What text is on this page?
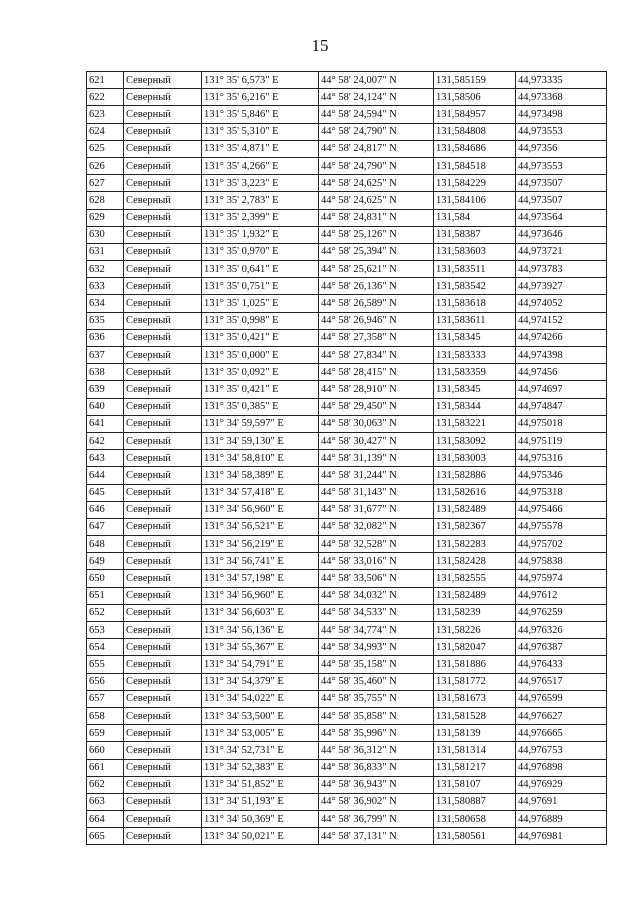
15
621	Северный	131° 35' 6,573" E	44° 58' 24,007" N	131,585159	44,973335
622	Северный	131° 35' 6,216" E	44° 58' 24,124" N	131,58506	44,973368
623	Северный	131° 35' 5,846" E	44° 58' 24,594" N	131,584957	44,973498
624	Северный	131° 35' 5,310" E	44° 58' 24,790" N	131,584808	44,973553
625	Северный	131° 35' 4,871" E	44° 58' 24,817" N	131,584686	44,97356
626	Северный	131° 35' 4,266" E	44° 58' 24,790" N	131,584518	44,973553
627	Северный	131° 35' 3,223" E	44° 58' 24,625" N	131,584229	44,973507
628	Северный	131° 35' 2,783" E	44° 58' 24,625" N	131,584106	44,973507
629	Северный	131° 35' 2,399" E	44° 58' 24,831" N	131,584	44,973564
630	Северный	131° 35' 1,932" E	44° 58' 25,126" N	131,58387	44,973646
631	Северный	131° 35' 0,970" E	44° 58' 25,394" N	131,583603	44,973721
632	Северный	131° 35' 0,641" E	44° 58' 25,621" N	131,583511	44,973783
633	Северный	131° 35' 0,751" E	44° 58' 26,136" N	131,583542	44,973927
634	Северный	131° 35' 1,025" E	44° 58' 26,589" N	131,583618	44,974052
635	Северный	131° 35' 0,998" E	44° 58' 26,946" N	131,583611	44,974152
636	Северный	131° 35' 0,421" E	44° 58' 27,358" N	131,58345	44,974266
637	Северный	131° 35' 0,000" E	44° 58' 27,834" N	131,583333	44,974398
638	Северный	131° 35' 0,092" E	44° 58' 28,415" N	131,583359	44,97456
639	Северный	131° 35' 0,421" E	44° 58' 28,910" N	131,58345	44,974697
640	Северный	131° 35' 0,385" E	44° 58' 29,450" N	131,58344	44,974847
641	Северный	131° 34' 59,597" E	44° 58' 30,063" N	131,583221	44,975018
642	Северный	131° 34' 59,130" E	44° 58' 30,427" N	131,583092	44,975119
643	Северный	131° 34' 58,810" E	44° 58' 31,139" N	131,583003	44,975316
644	Северный	131° 34' 58,389" E	44° 58' 31,244" N	131,582886	44,975346
645	Северный	131° 34' 57,418" E	44° 58' 31,143" N	131,582616	44,975318
646	Северный	131° 34' 56,960" E	44° 58' 31,677" N	131,582489	44,975466
647	Северный	131° 34' 56,521" E	44° 58' 32,082" N	131,582367	44,975578
648	Северный	131° 34' 56,219" E	44° 58' 32,528" N	131,582283	44,975702
649	Северный	131° 34' 56,741" E	44° 58' 33,016" N	131,582428	44,975838
650	Северный	131° 34' 57,198" E	44° 58' 33,506" N	131,582555	44,975974
651	Северный	131° 34' 56,960" E	44° 58' 34,032" N	131,582489	44,97612
652	Северный	131° 34' 56,603" E	44° 58' 34,533" N	131,58239	44,976259
653	Северный	131° 34' 56,136" E	44° 58' 34,774" N	131,58226	44,976326
654	Северный	131° 34' 55,367" E	44° 58' 34,993" N	131,582047	44,976387
655	Северный	131° 34' 54,791" E	44° 58' 35,158" N	131,581886	44,976433
656	Северный	131° 34' 54,379" E	44° 58' 35,460" N	131,581772	44,976517
657	Северный	131° 34' 54,022" E	44° 58' 35,755" N	131,581673	44,976599
658	Северный	131° 34' 53,500" E	44° 58' 35,858" N	131,581528	44,976627
659	Северный	131° 34' 53,005" E	44° 58' 35,996" N	131,58139	44,976665
660	Северный	131° 34' 52,731" E	44° 58' 36,312" N	131,581314	44,976753
661	Северный	131° 34' 52,383" E	44° 58' 36,833" N	131,581217	44,976898
662	Северный	131° 34' 51,852" E	44° 58' 36,943" N	131,58107	44,976929
663	Северный	131° 34' 51,193" E	44° 58' 36,902" N	131,580887	44,97691
664	Северный	131° 34' 50,369" E	44° 58' 36,799" N	131,580658	44,976889
665	Северный	131° 34' 50,021" E	44° 58' 37,131" N	131,580561	44,976981
